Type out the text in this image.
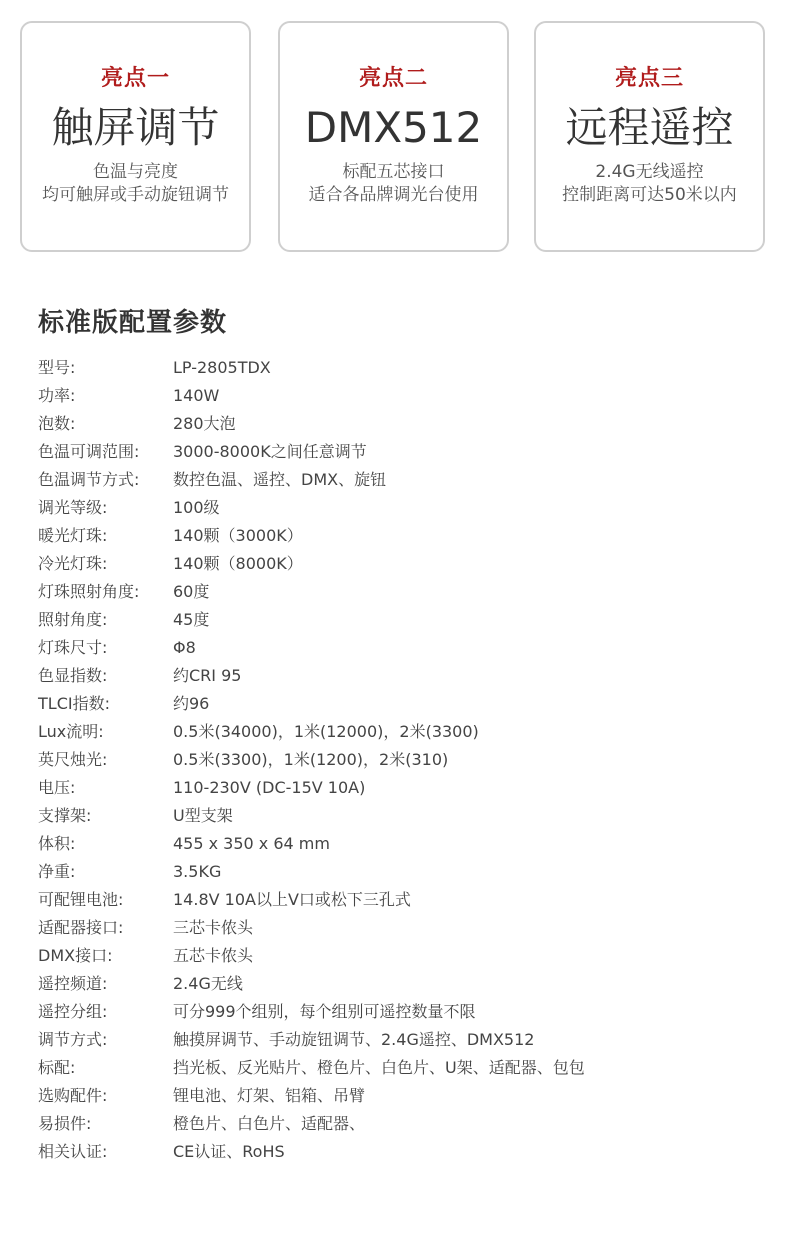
亮点一
触屏调节
色温与亮度
均可触屏或手动旋钮调节
亮点二
DMX512
标配五芯接口
适合各品牌调光台使用
亮点三
远程遥控
2.4G无线遥控
控制距离可达50米以内
标准版配置参数
型号:	LP-2805TDX
功率:	140W
泡数:	280大泡
色温可调范围: 3000-8000K之间任意调节
色温调节方式: 数控色温、遥控、DMX、旋钮
调光等级:	100级
暖光灯珠:	140颗（3000K）
冷光灯珠:	140颗（8000K）
灯珠照射角度: 60度
照射角度:	45度
灯珠尺寸:	Φ8
色显指数:	约CRI 95
TLCI指数:	约96
Lux流明:	0.5米(34000)，1米(12000)，2米(3300)
英尺烛光:	0.5米(3300)，1米(1200)，2米(310)
电压:	110-230V (DC-15V 10A)
支撑架:	U型支架
体积:	455 x 350 x 64 mm
净重:	3.5KG
可配锂电池:	14.8V 10A以上V口或松下三孔式
适配器接口:	三芯卡侬头
DMX接口:	五芯卡侬头
遥控频道:	2.4G无线
遥控分组:	可分999个组别，每个组别可遥控数量不限
调节方式:	触摸屏调节、手动旋钮调节、2.4G遥控、DMX512
标配:	挡光板、反光贴片、橙色片、白色片、U架、适配器、包包
选购配件:	锂电池、灯架、铝箱、吊臂
易损件:	橙色片、白色片、适配器、
相关认证:	CE认证、RoHS
